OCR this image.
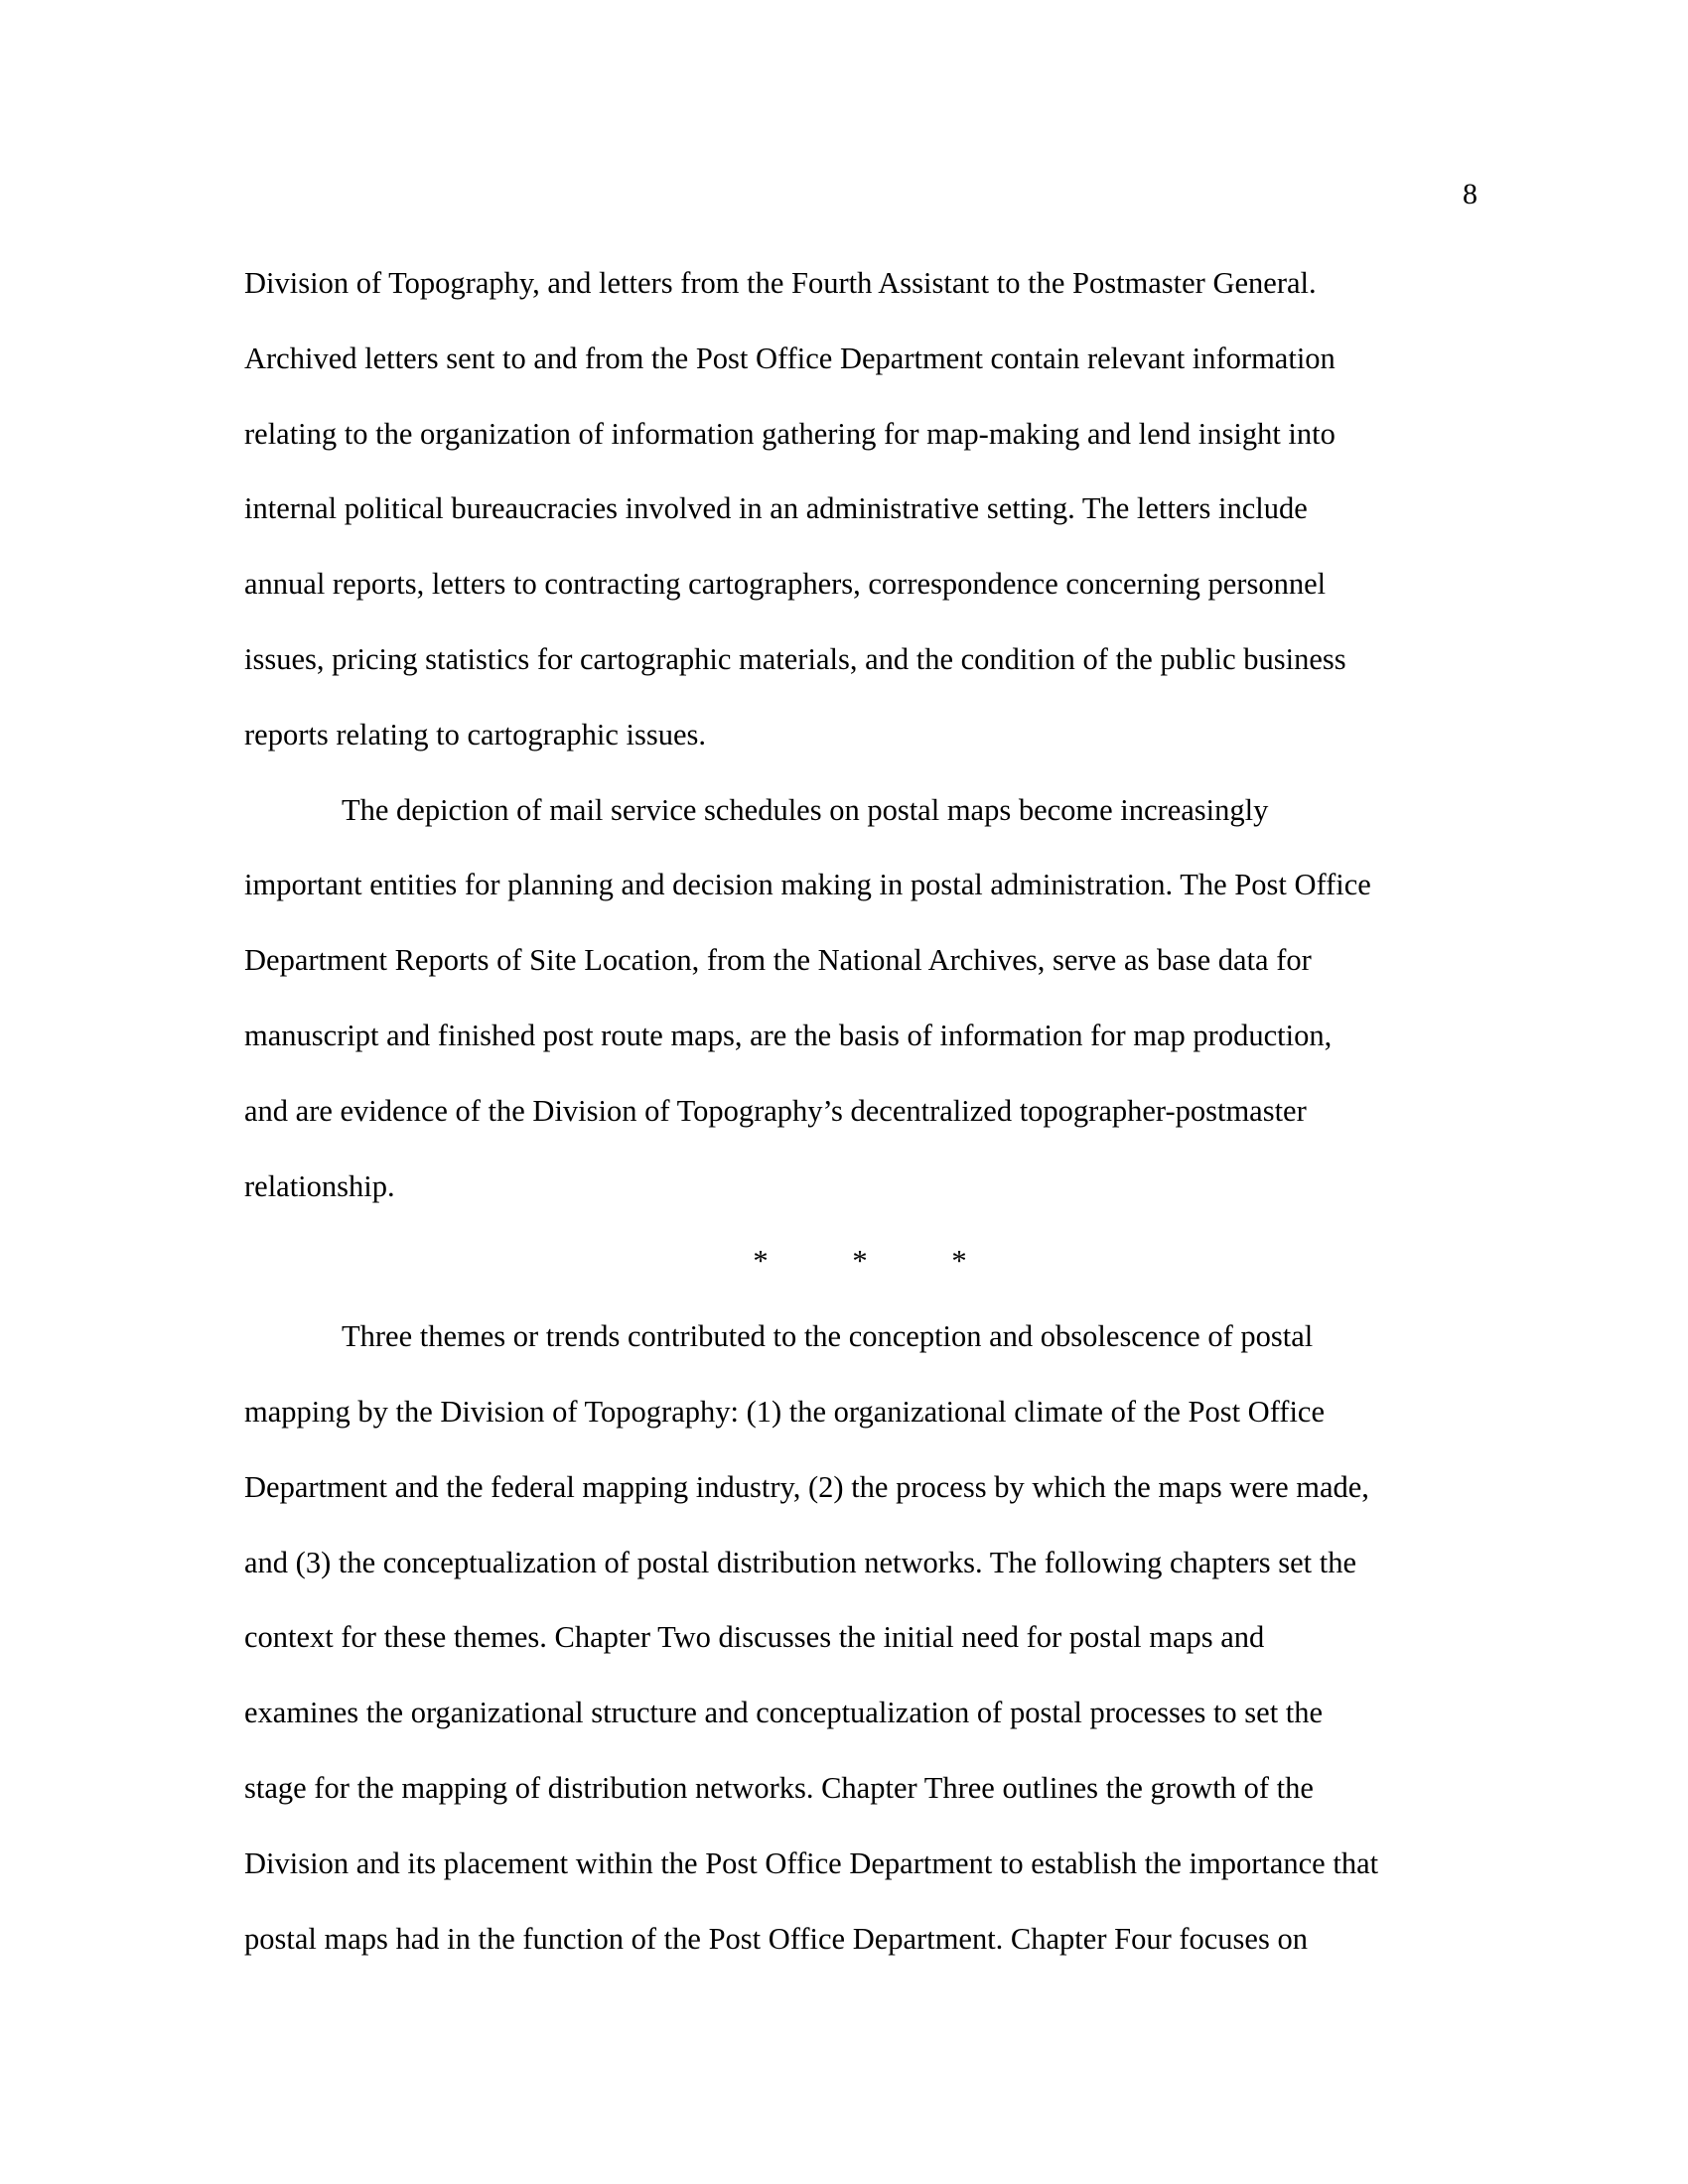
8
Division of Topography, and letters from the Fourth Assistant to the Postmaster General.
Archived letters sent to and from the Post Office Department contain relevant information
relating to the organization of information gathering for map-making and lend insight into
internal political bureaucracies involved in an administrative setting. The letters include
annual reports, letters to contracting cartographers, correspondence concerning personnel
issues, pricing statistics for cartographic materials, and the condition of the public business
reports relating to cartographic issues.
The depiction of mail service schedules on postal maps become increasingly
important entities for planning and decision making in postal administration. The Post Office
Department Reports of Site Location, from the National Archives, serve as base data for
manuscript and finished post route maps, are the basis of information for map production,
and are evidence of the Division of Topography’s decentralized topographer-postmaster
relationship.
*	*	*
Three themes or trends contributed to the conception and obsolescence of postal
mapping by the Division of Topography: (1) the organizational climate of the Post Office
Department and the federal mapping industry, (2) the process by which the maps were made,
and (3) the conceptualization of postal distribution networks. The following chapters set the
context for these themes. Chapter Two discusses the initial need for postal maps and
examines the organizational structure and conceptualization of postal processes to set the
stage for the mapping of distribution networks. Chapter Three outlines the growth of the
Division and its placement within the Post Office Department to establish the importance that
postal maps had in the function of the Post Office Department. Chapter Four focuses on
